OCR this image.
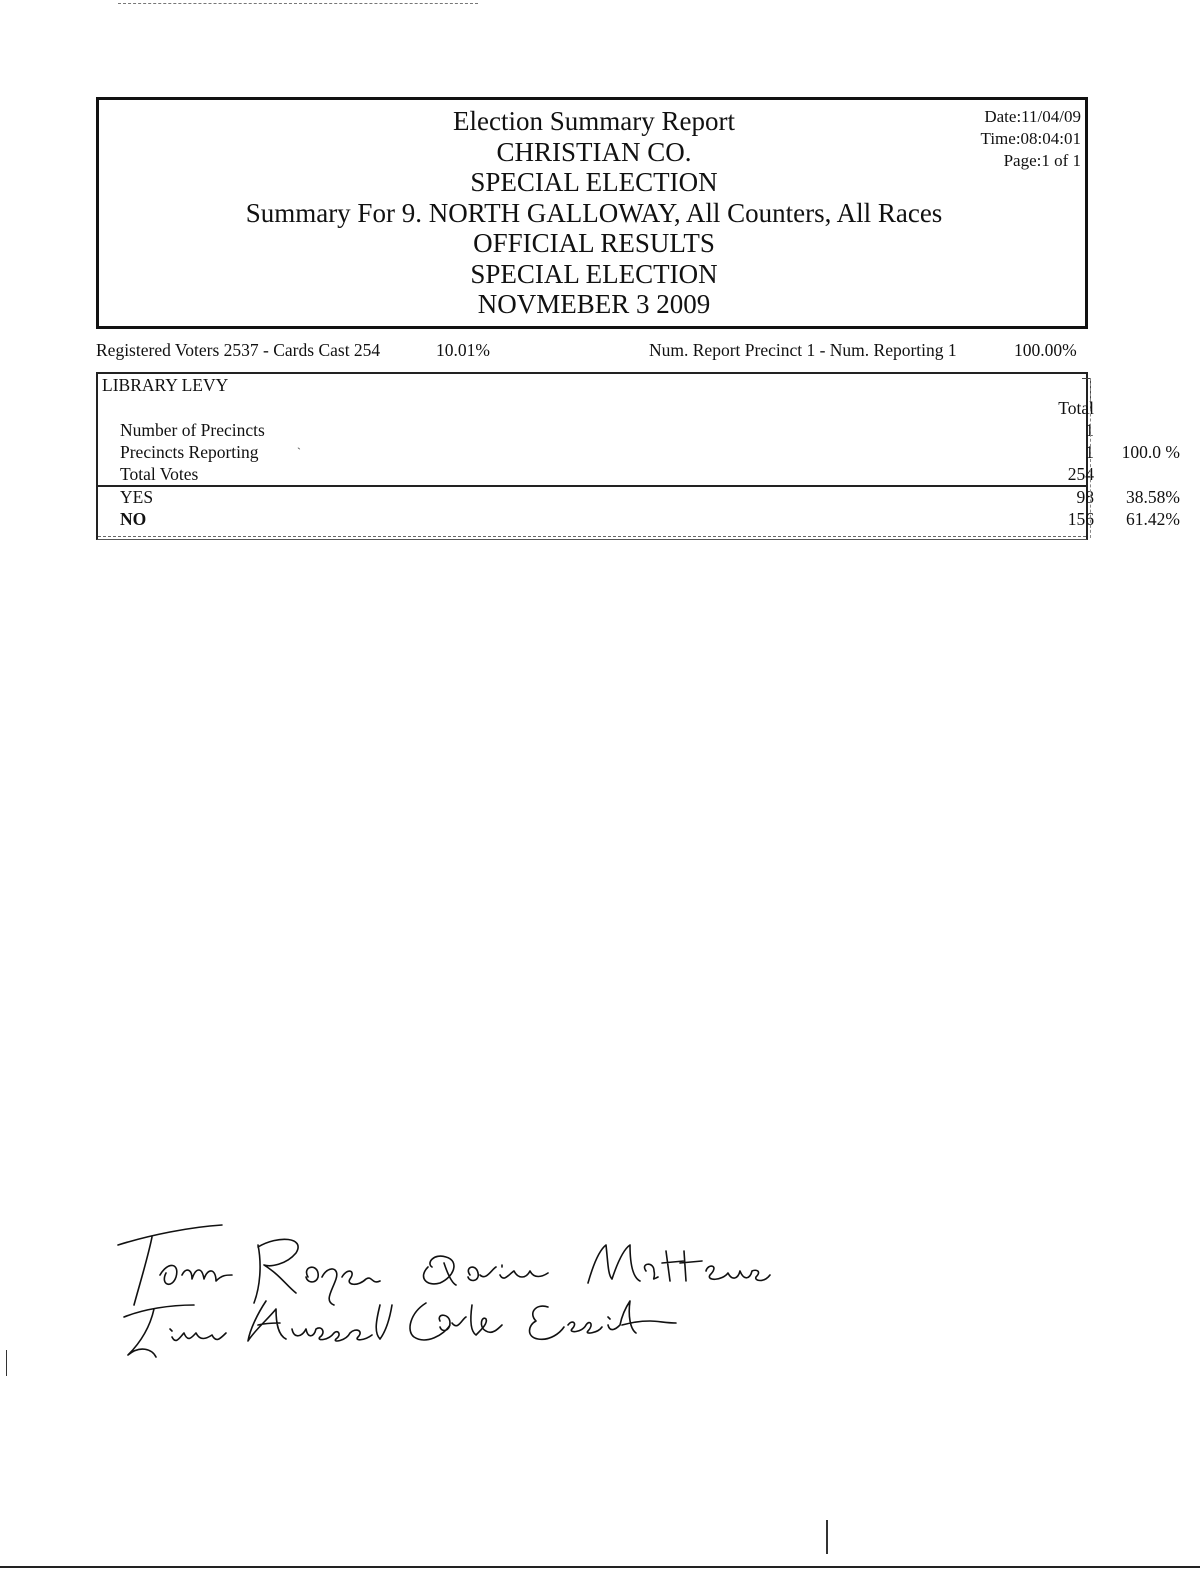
Election Summary Report
CHRISTIAN CO.
SPECIAL ELECTION
Summary For 9. NORTH GALLOWAY, All Counters, All Races
OFFICIAL RESULTS
SPECIAL ELECTION
NOVMEBER 3 2009
Date:11/04/09
Time:08:04:01
Page:1 of 1
Registered Voters 2537 - Cards Cast 254	10.01%	Num. Report Precinct 1 - Num. Reporting 1	100.00%
LIBRARY LEVY
Total
Number of Precincts	1
Precincts Reporting	1	100.0 %
Total Votes	254
YES	98	38.58%
NO	156	61.42%
ˋ
